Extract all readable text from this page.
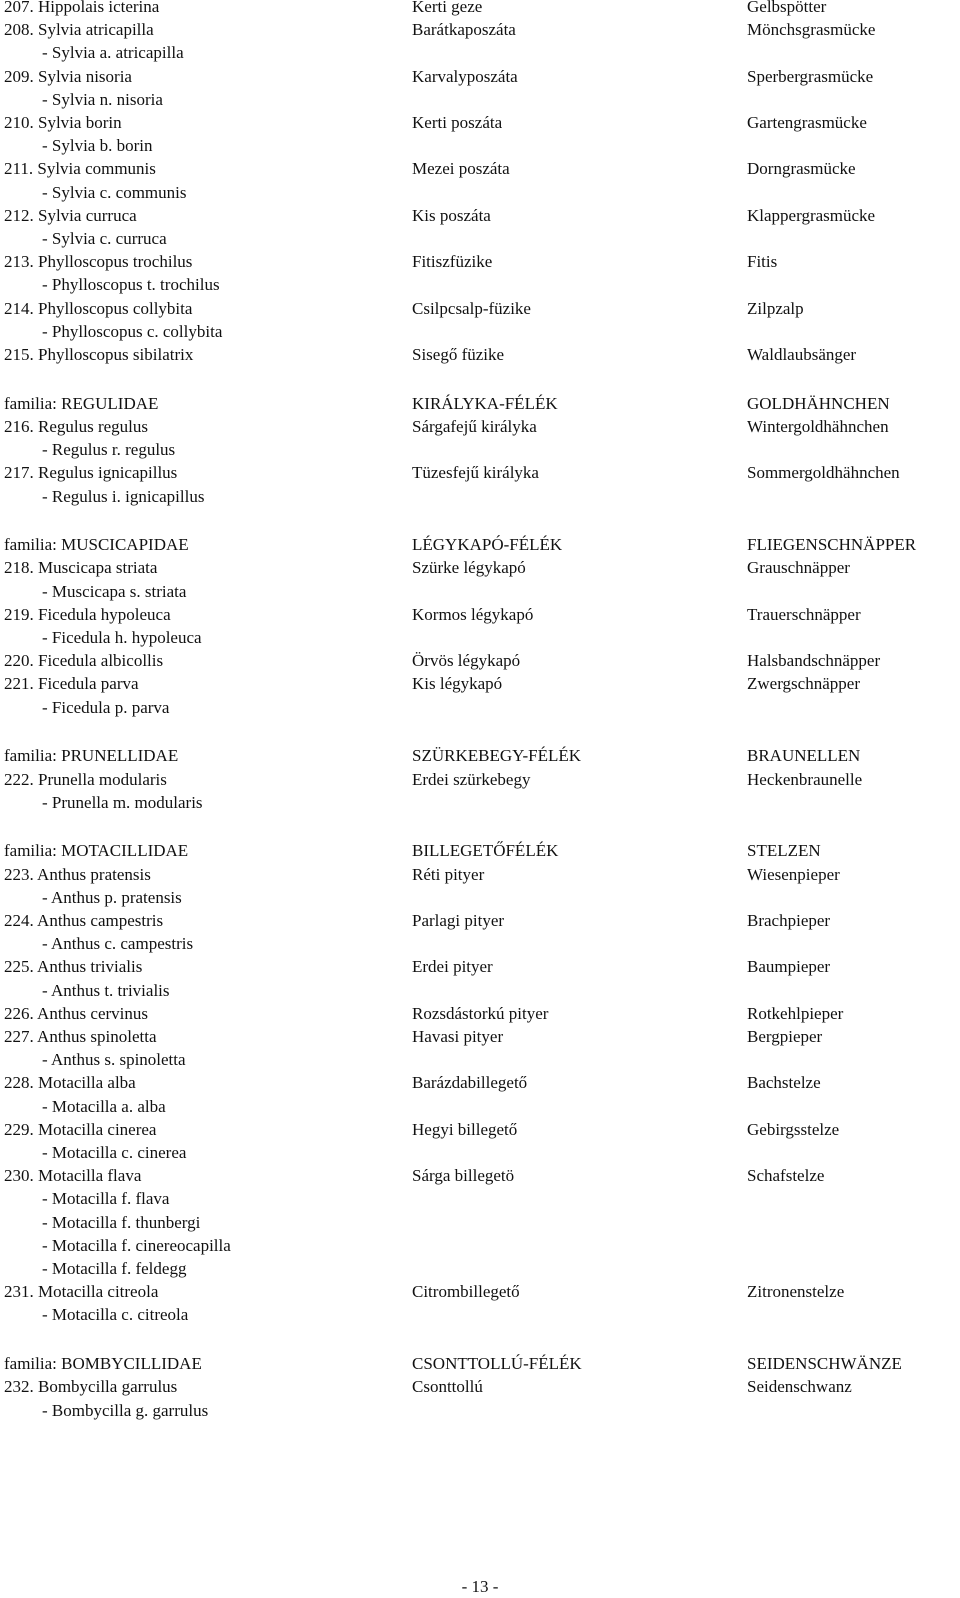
207. Hippolais icterina	Kerti geze	Gelbspötter
208. Sylvia atricapilla	Barátkaposzáta	Mönchsgrasmücke
- Sylvia a. atricapilla
209. Sylvia nisoria	Karvalyposzáta	Sperbergrasmücke
- Sylvia n. nisoria
210. Sylvia borin	Kerti poszáta	Gartengrasmücke
- Sylvia b. borin
211. Sylvia communis	Mezei poszáta	Dorngrasmücke
- Sylvia c. communis
212. Sylvia curruca	Kis poszáta	Klappergrasmücke
- Sylvia c. curruca
213. Phylloscopus trochilus	Fitiszfüzike	Fitis
- Phylloscopus t. trochilus
214. Phylloscopus collybita	Csilpcsalp-füzike	Zilpzalp
- Phylloscopus c. collybita
215. Phylloscopus sibilatrix	Sisegő füzike	Waldlaubsänger
familia: REGULIDAE	KIRÁLYKA-FÉLÉK	GOLDHÄHNCHEN
216. Regulus regulus	Sárgafejű királyka	Wintergoldhähnchen
- Regulus r. regulus
217. Regulus ignicapillus	Tüzesfejű királyka	Sommergoldhähnchen
- Regulus i. ignicapillus
familia: MUSCICAPIDAE	LÉGYKAPÓ-FÉLÉK	FLIEGENSCHNÄPPER
218. Muscicapa striata	Szürke légykapó	Grauschnäpper
- Muscicapa s. striata
219. Ficedula hypoleuca	Kormos légykapó	Trauerschnäpper
- Ficedula h. hypoleuca
220. Ficedula albicollis	Örvös légykapó	Halsbandschnäpper
221. Ficedula parva	Kis légykapó	Zwergschnäpper
- Ficedula p. parva
familia: PRUNELLIDAE	SZÜRKEBEGY-FÉLÉK	BRAUNELLEN
222. Prunella modularis	Erdei szürkebegy	Heckenbraunelle
- Prunella m. modularis
familia: MOTACILLIDAE	BILLEGETŐFÉLÉK	STELZEN
223. Anthus pratensis	Réti pityer	Wiesenpieper
- Anthus p. pratensis
224. Anthus campestris	Parlagi pityer	Brachpieper
- Anthus c. campestris
225. Anthus trivialis	Erdei pityer	Baumpieper
- Anthus t. trivialis
226. Anthus cervinus	Rozsdástorkú pityer	Rotkehlpieper
227. Anthus spinoletta	Havasi pityer	Bergpieper
- Anthus s. spinoletta
228. Motacilla alba	Barázdabillegető	Bachstelze
- Motacilla a. alba
229. Motacilla cinerea	Hegyi billegető	Gebirgsstelze
- Motacilla c. cinerea
230. Motacilla flava	Sárga billegetö	Schafstelze
- Motacilla f. flava
- Motacilla f. thunbergi
- Motacilla f. cinereocapilla
- Motacilla f. feldegg
231. Motacilla citreola	Citrombillegető	Zitronenstelze
- Motacilla c. citreola
familia: BOMBYCILLIDAE	CSONTTOLLÚ-FÉLÉK	SEIDENSCHWÄNZE
232. Bombycilla garrulus	Csonttollú	Seidenschwanz
- Bombycilla g. garrulus
- 13 -
